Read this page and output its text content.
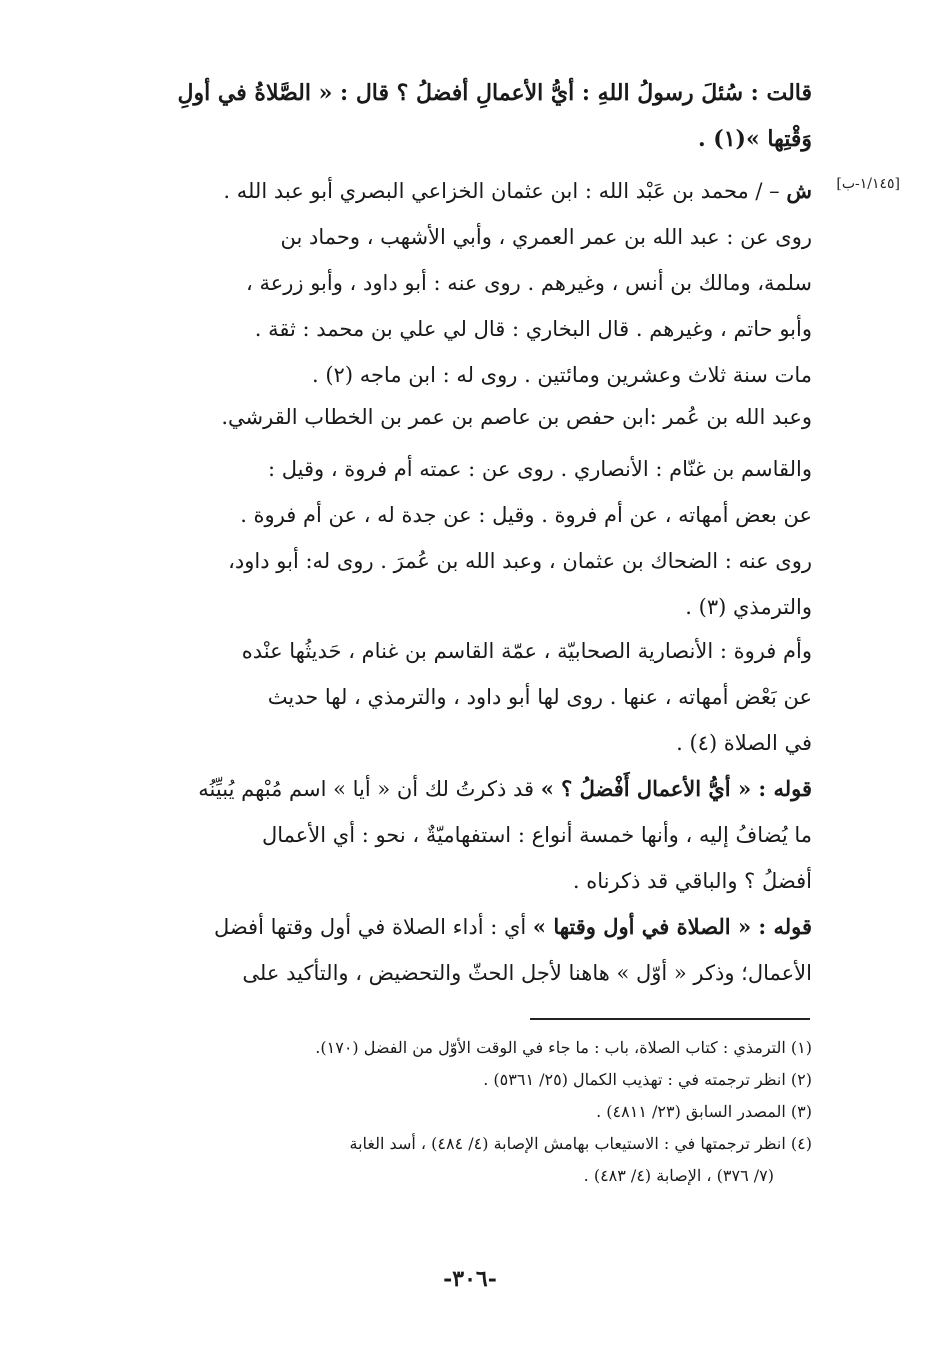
قالت : سُئلَ رسولُ اللهِ : أيُّ الأعمالِ أفضلُ ؟ قال : « الصَّلاةُ في أولِ
وَقْتِها »(١) .
[١/١٤٥-ب]
ش – / محمد بن عَبْد الله : ابن عثمان الخزاعي البصري أبو عبد الله .
روى عن : عبد الله بن عمر العمري ، وأبي الأشهب ، وحماد بن
سلمة، ومالك بن أنس ، وغيرهم . روى عنه : أبو داود ، وأبو زرعة ،
وأبو حاتم ، وغيرهم . قال البخاري : قال لي علي بن محمد : ثقة .
مات سنة ثلاث وعشرين ومائتين . روى له : ابن ماجه (٢) .
وعبد الله بن عُمر :ابن حفص بن عاصم بن عمر بن الخطاب القرشي.
والقاسم بن غنّام : الأنصاري . روى عن : عمته أم فروة ، وقيل :
عن بعض أمهاته ، عن أم فروة . وقيل : عن جدة له ، عن أم فروة .
روى عنه : الضحاك بن عثمان ، وعبد الله بن عُمرَ . روى له: أبو داود،
والترمذي (٣) .
وأم فروة : الأنصارية الصحابيّة ، عمّة القاسم بن غنام ، حَديثُها عنْده
عن بَعْض أمهاته ، عنها . روى لها أبو داود ، والترمذي ، لها حديث
في الصلاة (٤) .
قوله : « أيُّ الأعمال أَفْضلُ ؟ » قد ذكرتُ لك أن « أيا » اسم مُبْهم يُبيِّنُه
ما يُضافُ إليه ، وأنها خمسة أنواع : استفهاميّةٌ ، نحو : أي الأعمال
أفضلُ ؟ والباقي قد ذكرناه .
قوله : « الصلاة في أول وقتها » أي : أداء الصلاة في أول وقتها أفضل
الأعمال؛ وذكر « أوّل » هاهنا لأجل الحثّ والتحضيض ، والتأكيد على
(١) الترمذي : كتاب الصلاة، باب : ما جاء في الوقت الأوّل من الفضل (١٧٠).
(٢) انظر ترجمته في : تهذيب الكمال (٢٥/ ٥٣٦١) .
(٣) المصدر السابق (٢٣/ ٤٨١١) .
(٤) انظر ترجمتها في : الاستيعاب بهامش الإصابة (٤/ ٤٨٤) ، أسد الغابة
(٧/ ٣٧٦) ، الإصابة (٤/ ٤٨٣) .
-٣٠٦-
